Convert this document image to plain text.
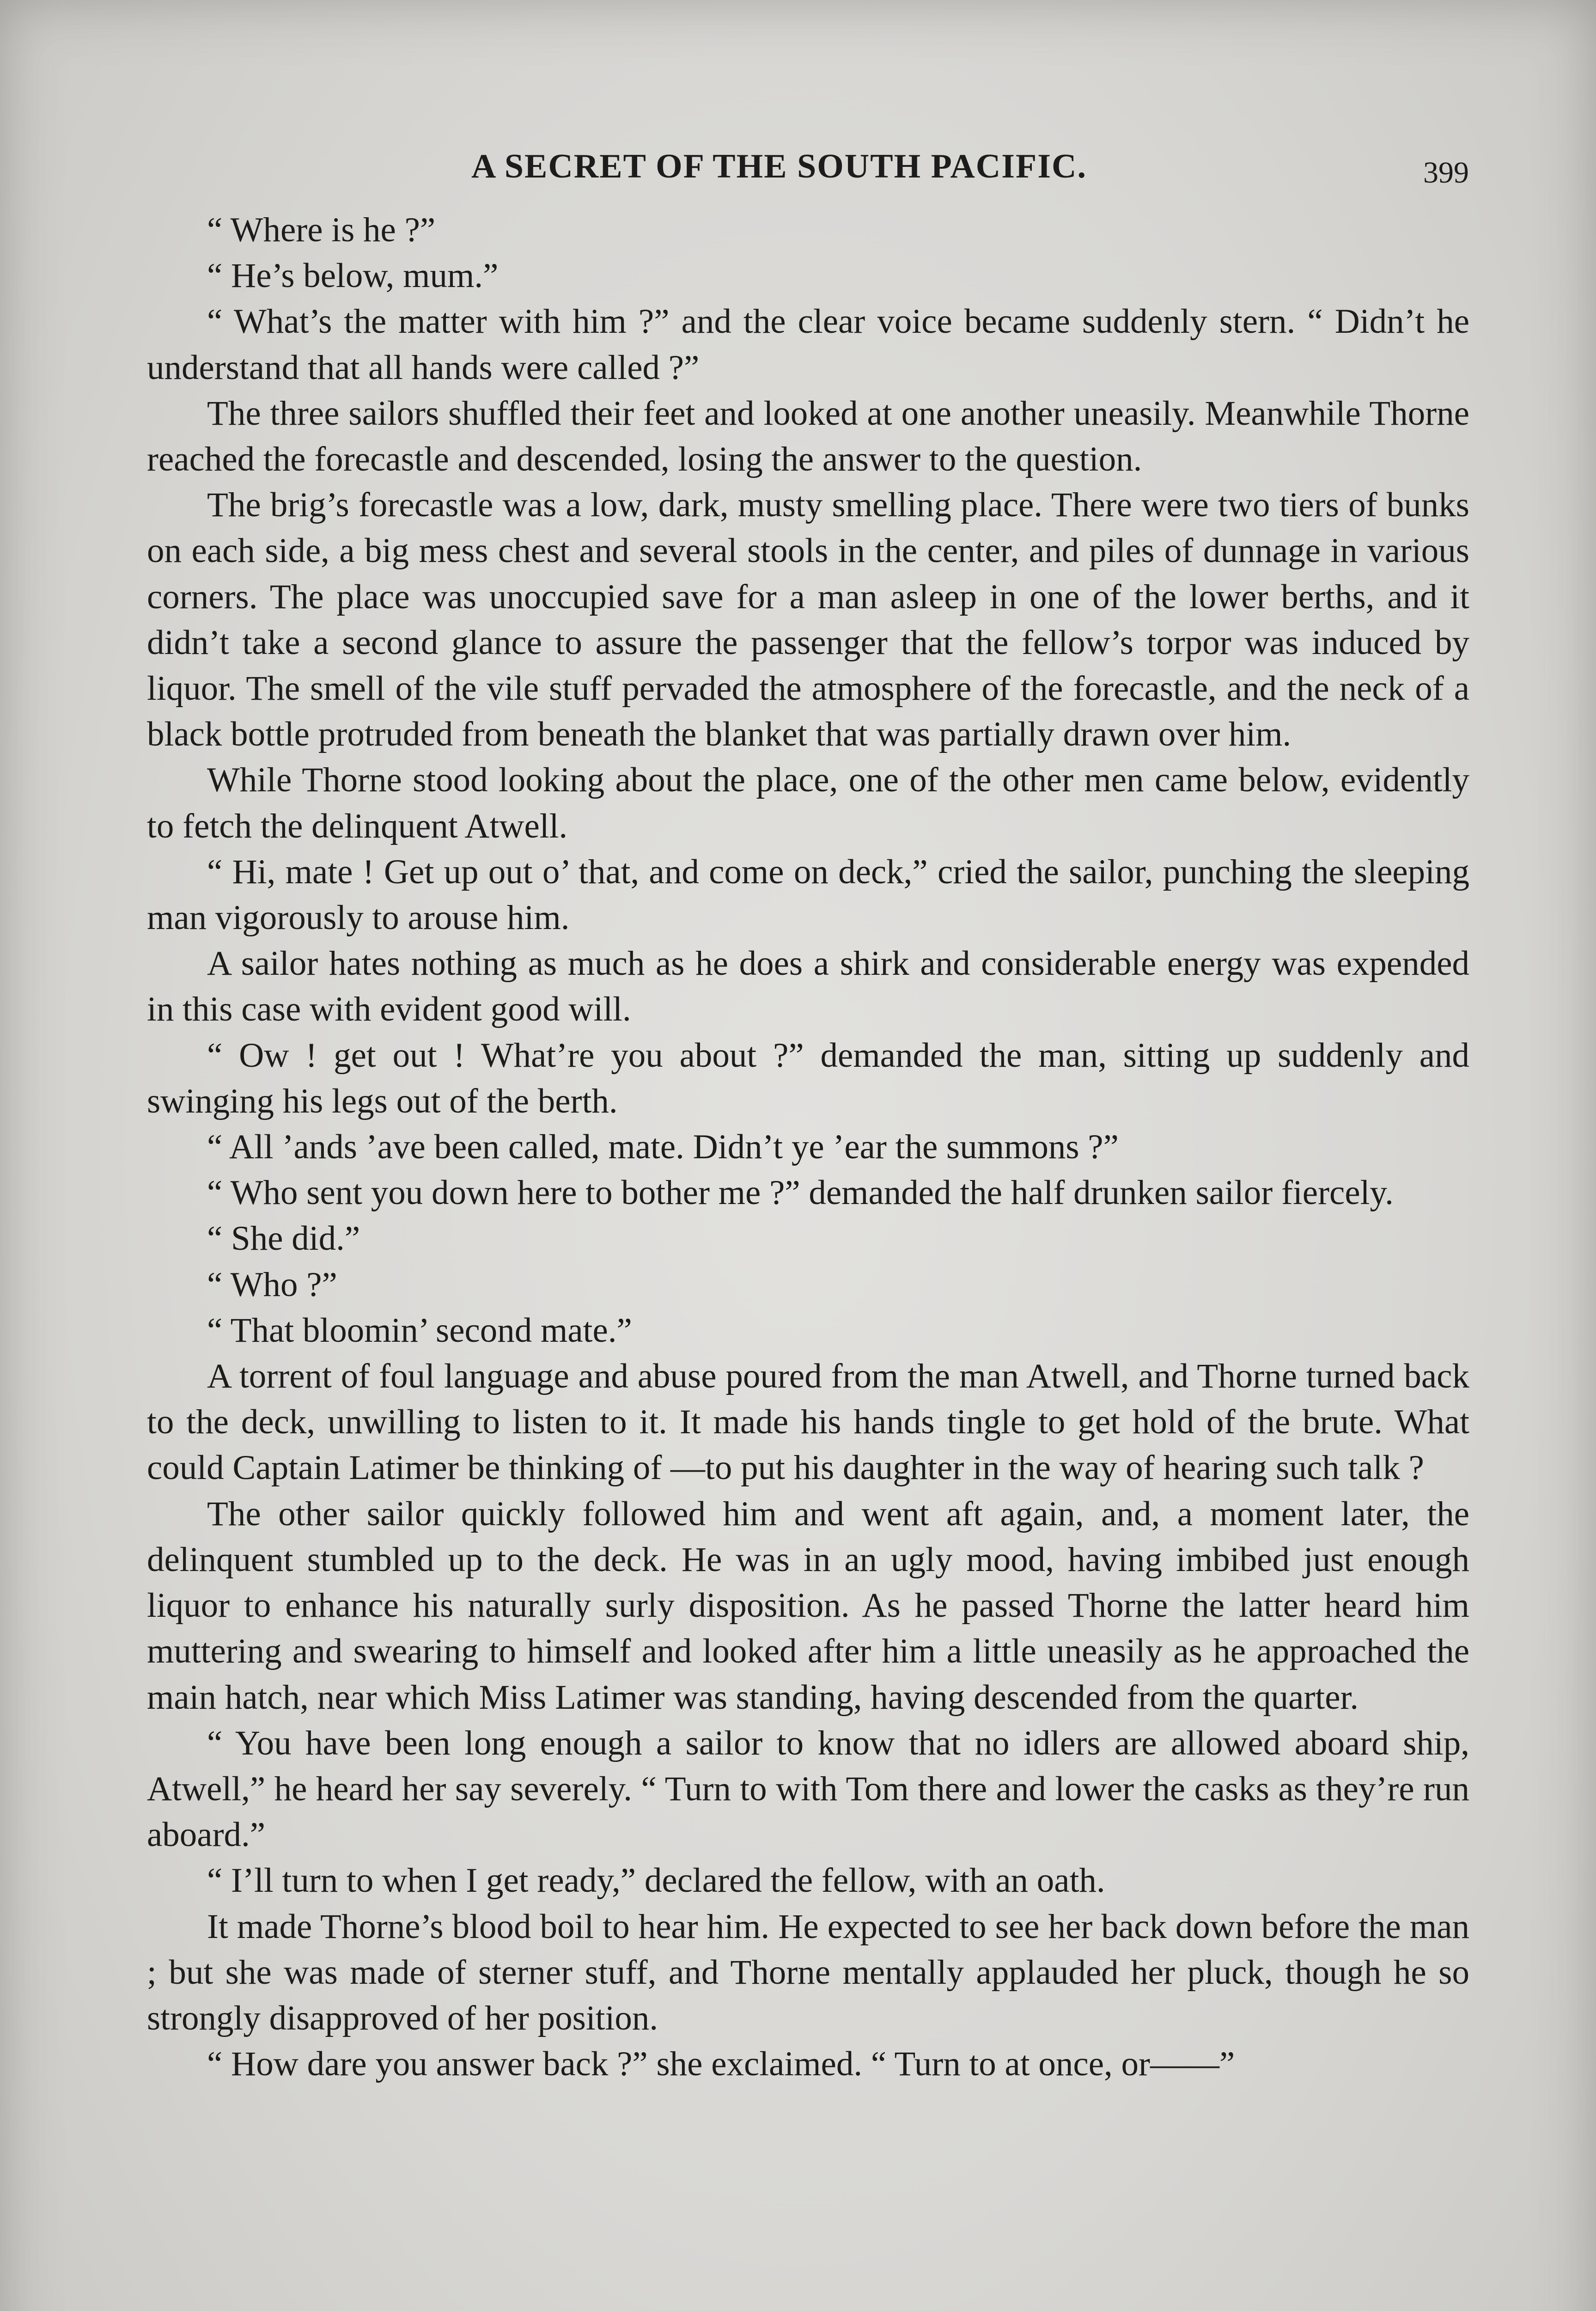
A SECRET OF THE SOUTH PACIFIC.	399

“ Where is he ?”

“ He’s below, mum.”

“ What’s the matter with him ?” and the clear voice became suddenly stern. “ Didn’t he understand that all hands were called ?”

The three sailors shuffled their feet and looked at one another uneasily. Meanwhile Thorne reached the forecastle and descended, losing the answer to the question.

The brig’s forecastle was a low, dark, musty smelling place. There were two tiers of bunks on each side, a big mess chest and several stools in the center, and piles of dunnage in various corners. The place was unoccupied save for a man asleep in one of the lower berths, and it didn’t take a second glance to assure the passenger that the fellow’s torpor was induced by liquor. The smell of the vile stuff pervaded the atmosphere of the forecastle, and the neck of a black bottle protruded from beneath the blanket that was partially drawn over him.

While Thorne stood looking about the place, one of the other men came below, evidently to fetch the delinquent Atwell.

“ Hi, mate ! Get up out o’ that, and come on deck,” cried the sailor, punching the sleeping man vigorously to arouse him.

A sailor hates nothing as much as he does a shirk and considerable energy was expended in this case with evident good will.

“ Ow ! get out ! What’re you about ?” demanded the man, sitting up suddenly and swinging his legs out of the berth.

“ All ’ands ’ave been called, mate. Didn’t ye ’ear the summons ?”

“ Who sent you down here to bother me ?” demanded the half drunken sailor fiercely.

“ She did.”

“ Who ?”

“ That bloomin’ second mate.”

A torrent of foul language and abuse poured from the man Atwell, and Thorne turned back to the deck, unwilling to listen to it. It made his hands tingle to get hold of the brute. What could Captain Latimer be thinking of —to put his daughter in the way of hearing such talk ?

The other sailor quickly followed him and went aft again, and, a moment later, the delinquent stumbled up to the deck. He was in an ugly mood, having imbibed just enough liquor to enhance his naturally surly disposition. As he passed Thorne the latter heard him muttering and swearing to himself and looked after him a little uneasily as he approached the main hatch, near which Miss Latimer was standing, having descended from the quarter.

“ You have been long enough a sailor to know that no idlers are allowed aboard ship, Atwell,” he heard her say severely. “ Turn to with Tom there and lower the casks as they’re run aboard.”

“ I’ll turn to when I get ready,” declared the fellow, with an oath.

It made Thorne’s blood boil to hear him. He expected to see her back down before the man ; but she was made of sterner stuff, and Thorne mentally applauded her pluck, though he so strongly disapproved of her position.

“ How dare you answer back ?” she exclaimed. “ Turn to at once, or——”
